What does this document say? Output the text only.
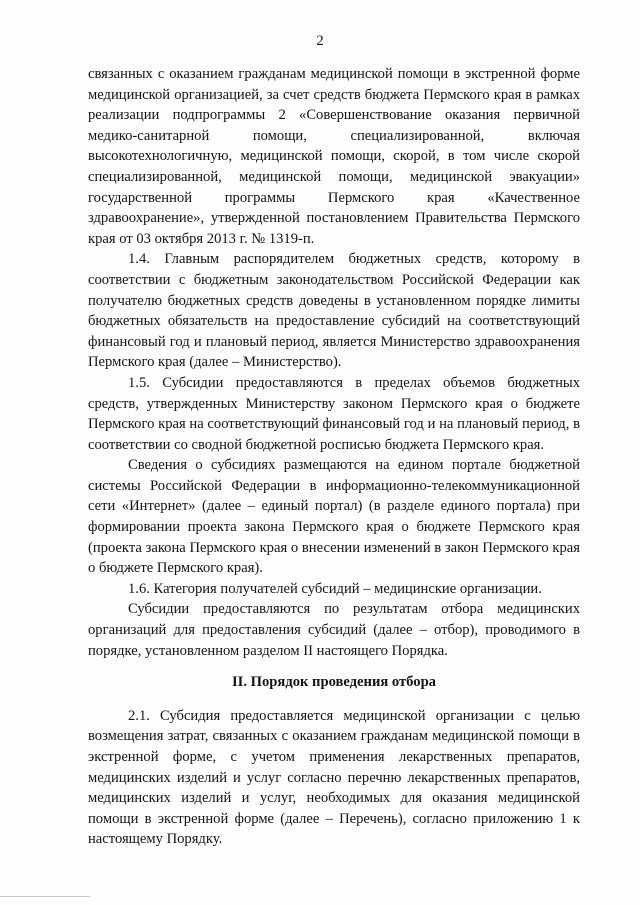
2

связанных с оказанием гражданам медицинской помощи в экстренной форме медицинской организацией, за счет средств бюджета Пермского края в рамках реализации подпрограммы 2 «Совершенствование оказания первичной медико-санитарной помощи, специализированной, включая высокотехнологичную, медицинской помощи, скорой, в том числе скорой специализированной, медицинской помощи, медицинской эвакуации» государственной программы Пермского края «Качественное здравоохранение», утвержденной постановлением Правительства Пермского края от 03 октября 2013 г. № 1319-п.

1.4. Главным распорядителем бюджетных средств, которому в соответствии с бюджетным законодательством Российской Федерации как получателю бюджетных средств доведены в установленном порядке лимиты бюджетных обязательств на предоставление субсидий на соответствующий финансовый год и плановый период, является Министерство здравоохранения Пермского края (далее – Министерство).

1.5. Субсидии предоставляются в пределах объемов бюджетных средств, утвержденных Министерству законом Пермского края о бюджете Пермского края на соответствующий финансовый год и на плановый период, в соответствии со сводной бюджетной росписью бюджета Пермского края.

Сведения о субсидиях размещаются на едином портале бюджетной системы Российской Федерации в информационно-телекоммуникационной сети «Интернет» (далее – единый портал) (в разделе единого портала) при формировании проекта закона Пермского края о бюджете Пермского края (проекта закона Пермского края о внесении изменений в закон Пермского края о бюджете Пермского края).

1.6. Категория получателей субсидий – медицинские организации.

Субсидии предоставляются по результатам отбора медицинских организаций для предоставления субсидий (далее – отбор), проводимого в порядке, установленном разделом II настоящего Порядка.

II. Порядок проведения отбора

2.1. Субсидия предоставляется медицинской организации с целью возмещения затрат, связанных с оказанием гражданам медицинской помощи в экстренной форме, с учетом применения лекарственных препаратов, медицинских изделий и услуг согласно перечню лекарственных препаратов, медицинских изделий и услуг, необходимых для оказания медицинской помощи в экстренной форме (далее – Перечень), согласно приложению 1 к настоящему Порядку.
